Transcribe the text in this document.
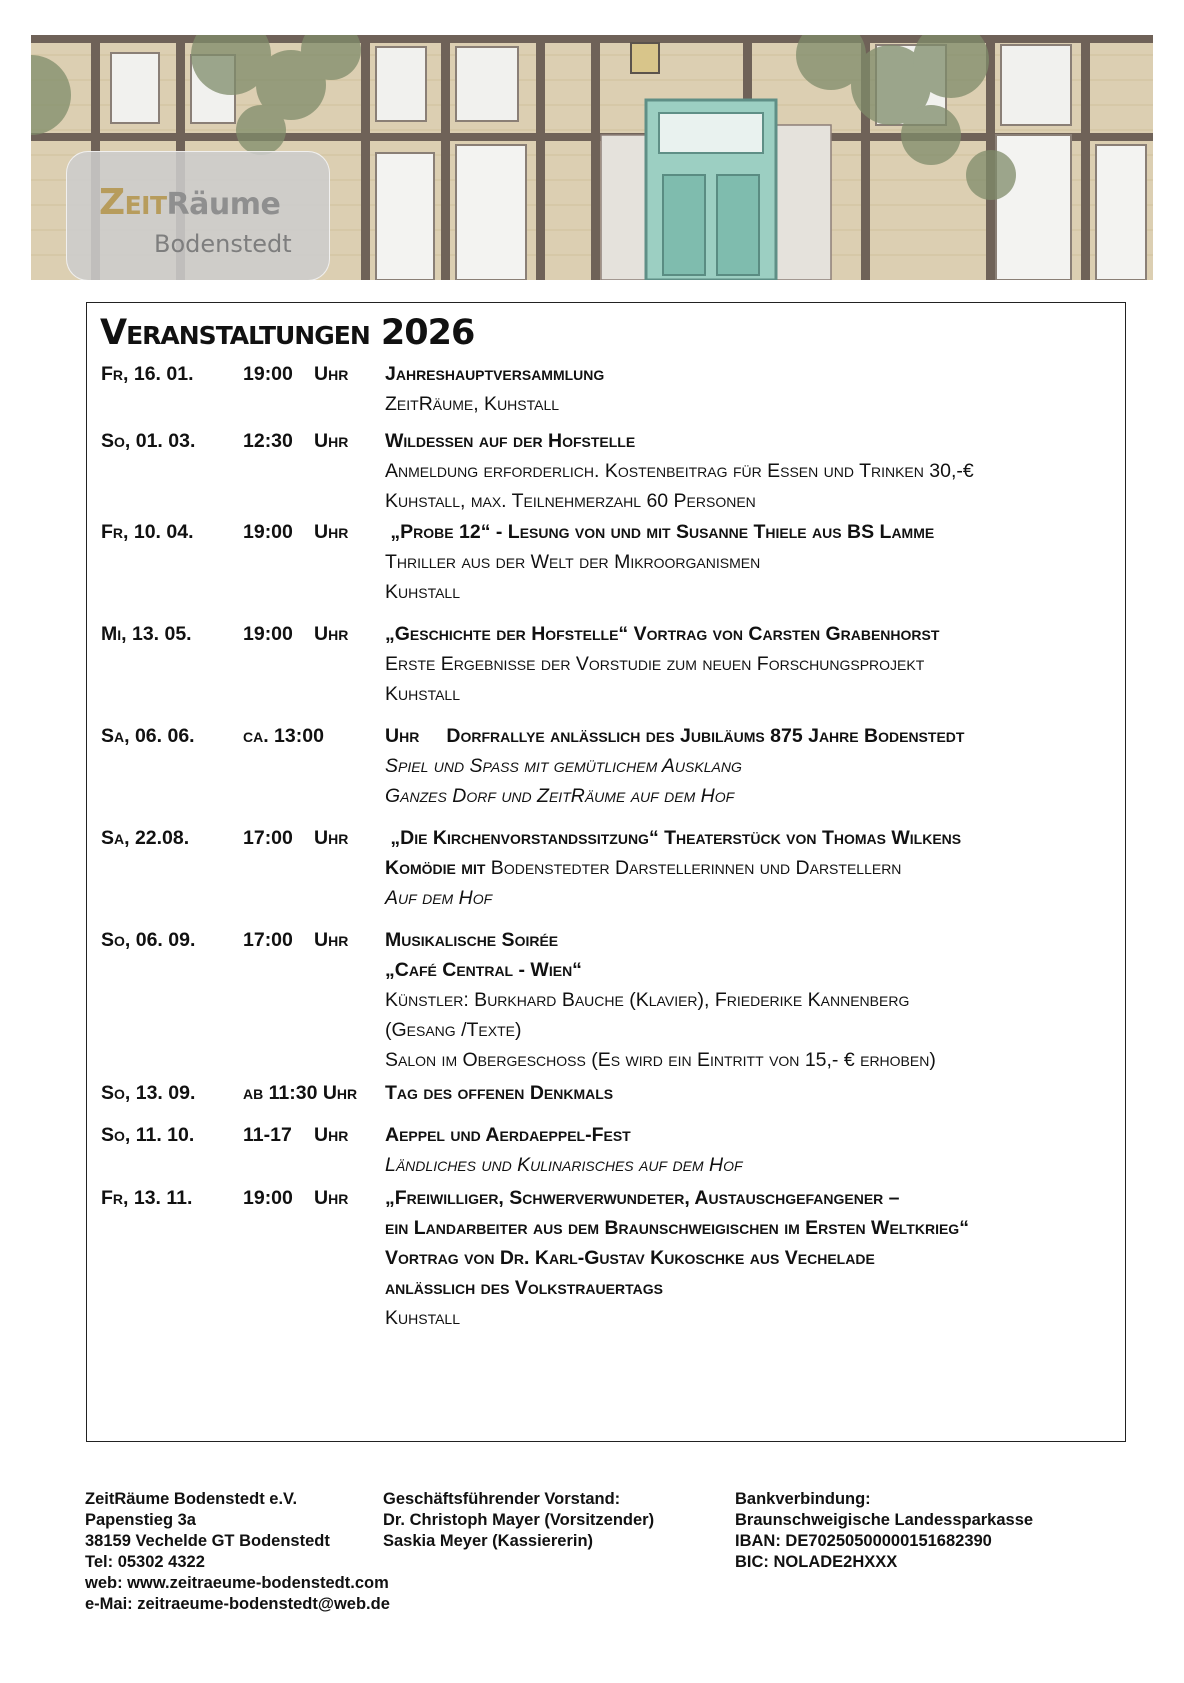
ZeitRäume
Bodenstedt
Veranstaltungen 2026
Fr, 16. 01.	19:00 Uhr Jahreshauptversammlung
ZeitRäume, Kuhstall
So, 01. 03. 12:30 Uhr Wildessen auf der Hofstelle
Anmeldung erforderlich. Kostenbeitrag für Essen und Trinken 30,-€
Kuhstall, max. Teilnehmerzahl 60 Personen
Fr, 10. 04.	19:00 Uhr „Probe 12“ - Lesung von und mit Susanne Thiele aus BS Lamme
Thriller aus der Welt der Mikroorganismen
Kuhstall
Mi, 13. 05.	19:00 Uhr „Geschichte der Hofstelle“ Vortrag von Carsten Grabenhorst
Erste Ergebnisse der Vorstudie zum neuen Forschungsprojekt
Kuhstall
Sa, 06. 06. ca. 13:00	Uhr     Dorfrallye anlässlich des Jubiläums 875 Jahre Bodenstedt
Spiel und Spaß mit gemütlichem Ausklang
Ganzes Dorf und ZeitRäume auf dem Hof
Sa, 22.08.	17:00 Uhr „Die Kirchenvorstandssitzung“ Theaterstück von Thomas Wilkens
Komödie mit Bodenstedter Darstellerinnen und Darstellern
Auf dem Hof
So, 06. 09. 17:00 Uhr Musikalische Soirée
„Café Central - Wien“
Künstler: Burkhard Bauche (Klavier), Friederike Kannenberg
(Gesang /Texte)
Salon im Obergeschoss (Es wird ein Eintritt von 15,- € erhoben)
So, 13. 09. ab 11:30 Uhr Tag des offenen Denkmals
So, 11. 10. 11-17 Uhr Aeppel und Aerdaeppel-Fest
Ländliches und Kulinarisches auf dem Hof
Fr, 13. 11.	19:00 Uhr „Freiwilliger, Schwerverwundeter, Austauschgefangener –
ein Landarbeiter aus dem Braunschweigischen im Ersten Weltkrieg“
Vortrag von Dr. Karl-Gustav Kukoschke aus Vechelade
anlässlich des Volkstrauertags
Kuhstall
ZeitRäume Bodenstedt e.V.
Papenstieg 3a
38159 Vechelde GT Bodenstedt
Tel: 05302 4322
web: www.zeitraeume-bodenstedt.com
e-Mai: zeitraeume-bodenstedt@web.de
Geschäftsführender Vorstand:
Dr. Christoph Mayer (Vorsitzender)
Saskia Meyer (Kassiererin)
Bankverbindung:
Braunschweigische Landessparkasse
IBAN: DE70250500000151682390
BIC: NOLADE2HXXX
